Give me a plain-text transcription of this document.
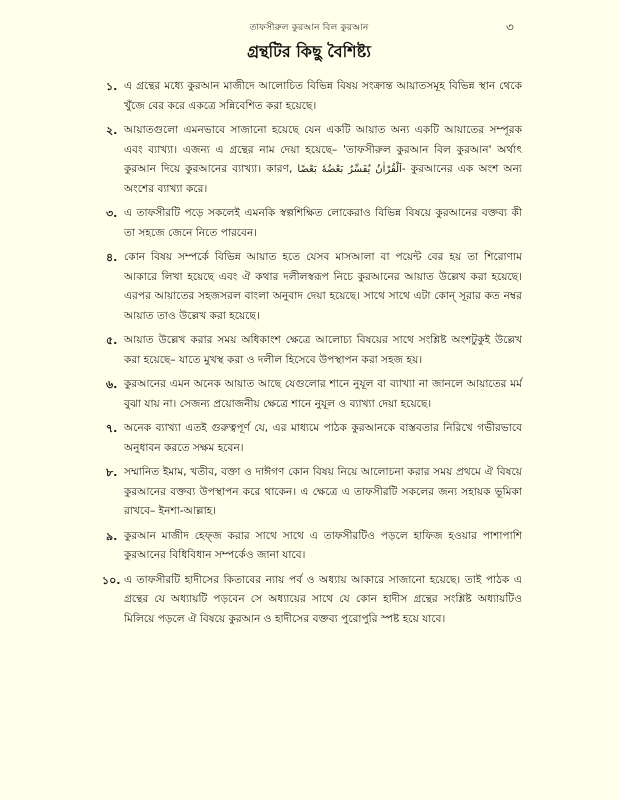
তাফসীরুল কুরআন বিল কুরআন	৩
গ্রন্থটির কিছু বৈশিষ্ট্য
১. এ গ্রন্থের মধ্যে কুরআন মাজীদে আলোচিত বিভিন্ন বিষয় সংক্রান্ত আয়াতসমূহ বিভিন্ন স্থান থেকে খুঁজে বের করে একত্রে সন্নিবেশিত করা হয়েছে।
২. আয়াতগুলো এমনভাবে সাজানো হয়েছে যেন একটি আয়াত অন্য একটি আয়াতের সম্পূরক এবং ব্যাখ্যা। এজন্য এ গ্রন্থের নাম দেয়া হয়েছে– 'তাফসীরুল কুরআন বিল কুরআন' অর্থাৎ কুরআন দিয়ে কুরআনের ব্যাখ্যা। কারণ, اَلْقُرْاٰنُ يُفَسِّرُ بَعْضُهٗ بَعْضًا- কুরআনের এক অংশ অন্য অংশের ব্যাখ্যা করে।
৩. এ তাফসীরটি পড়ে সকলেই এমনকি স্বল্পশিক্ষিত লোকেরাও বিভিন্ন বিষয়ে কুরআনের বক্তব্য কী তা সহজে জেনে নিতে পারবেন।
৪. কোন বিষয় সম্পর্কে বিভিন্ন আয়াত হতে যেসব মাসআলা বা পয়েন্ট বের হয় তা শিরোণাম আকারে লিখা হয়েছে এবং ঐ কথার দলীলস্বরূপ নিচে কুরআনের আয়াত উল্লেখ করা হয়েছে। এরপর আয়াতের সহজসরল বাংলা অনুবাদ দেয়া হয়েছে। সাথে সাথে এটা কোন্ সূরার কত নম্বর আয়াত তাও উল্লেখ করা হয়েছে।
৫. আয়াত উল্লেখ করার সময় অধিকাংশ ক্ষেত্রে আলোচ্য বিষয়ের সাথে সংশ্লিষ্ট অংশটুকুই উল্লেখ করা হয়েছে– যাতে মুখস্থ করা ও দলীল হিসেবে উপস্থাপন করা সহজ হয়।
৬. কুরআনের এমন অনেক আয়াত আছে যেগুলোর শানে নুযূল বা ব্যাখ্যা না জানলে আয়াতের মর্ম বুঝা যায় না। সেজন্য প্রয়োজনীয় ক্ষেত্রে শানে নুযূল ও ব্যাখ্যা দেয়া হয়েছে।
৭. অনেক ব্যাখ্যা এতই গুরুত্বপূর্ণ যে, এর মাধ্যমে পাঠক কুরআনকে বাস্তবতার নিরিখে গভীরভাবে অনুধাবন করতে সক্ষম হবেন।
৮. সম্মানিত ইমাম, খতীব, বক্তা ও দাঈগণ কোন বিষয় নিয়ে আলোচনা করার সময় প্রথমে ঐ বিষয়ে কুরআনের বক্তব্য উপস্থাপন করে থাকেন। এ ক্ষেত্রে এ তাফসীরটি সকলের জন্য সহায়ক ভূমিকা রাখবে– ইনশা-আল্লাহ।
৯. কুরআন মাজীদ হেফ্জ করার সাথে সাথে এ তাফসীরটিও পড়লে হাফিজ হওয়ার পাশাপাশি কুরআনের বিধিবিধান সম্পর্কেও জানা যাবে।
১০. এ তাফসীরটি হাদীসের কিতাবের ন্যায় পর্ব ও অধ্যায় আকারে সাজানো হয়েছে। তাই পাঠক এ গ্রন্থের যে অধ্যায়টি পড়বেন সে অধ্যায়ের সাথে যে কোন হাদীস গ্রন্থের সংশ্লিষ্ট অধ্যায়টিও মিলিয়ে পড়লে ঐ বিষয়ে কুরআন ও হাদীসের বক্তব্য পুরোপুরি স্পষ্ট হয়ে যাবে।
